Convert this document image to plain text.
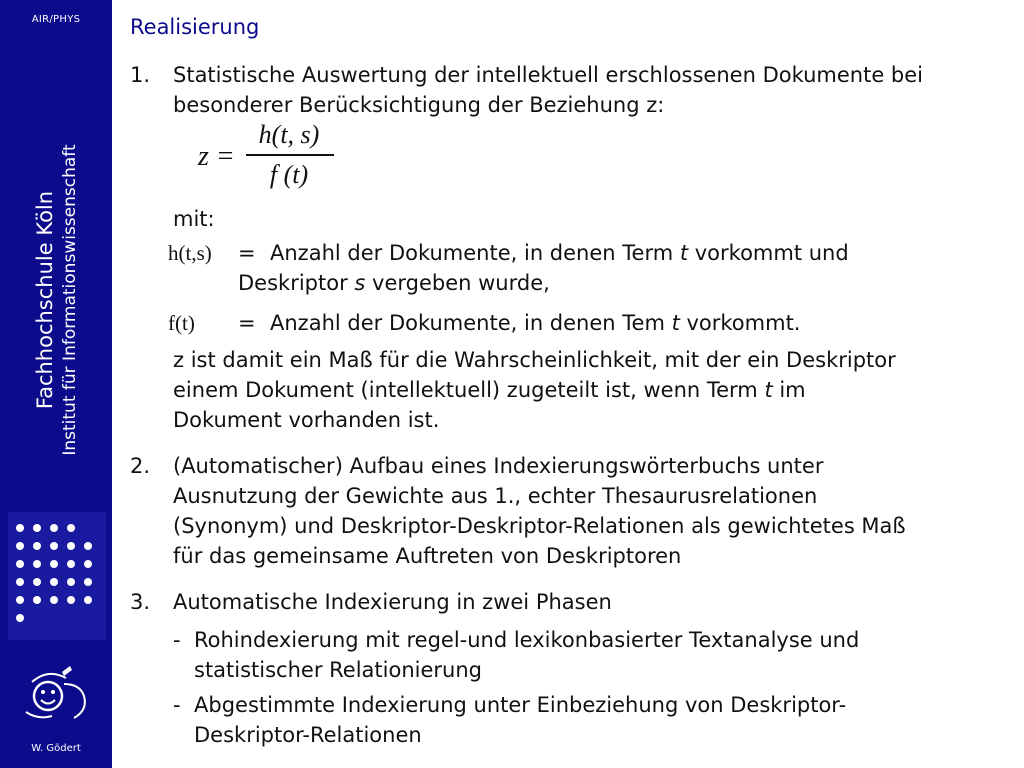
AIR/PHYS
Fachhochschule Köln Institut für Informationswissenschaft
W. Gödert
Realisierung
1. Statistische Auswertung der intellektuell erschlossenen Dokumente bei
besonderer Berücksichtigung der Beziehung z:
z =
h(t, s)
f (t)
mit:
h(t,s) = Anzahl der Dokumente, in denen Term t vorkommt und
Deskriptor s vergeben wurde,
f(t) = Anzahl der Dokumente, in denen Tem t vorkommt.
z ist damit ein Maß für die Wahrscheinlichkeit, mit der ein Deskriptor
einem Dokument (intellektuell) zugeteilt ist, wenn Term t im
Dokument vorhanden ist.
2. (Automatischer) Aufbau eines Indexierungswörterbuchs unter
Ausnutzung der Gewichte aus 1., echter Thesaurusrelationen
(Synonym) und Deskriptor-Deskriptor-Relationen als gewichtetes Maß
für das gemeinsame Auftreten von Deskriptoren
3. Automatische Indexierung in zwei Phasen
- Rohindexierung mit regel-und lexikonbasierter Textanalyse und
statistischer Relationierung
- Abgestimmte Indexierung unter Einbeziehung von Deskriptor-
Deskriptor-Relationen
